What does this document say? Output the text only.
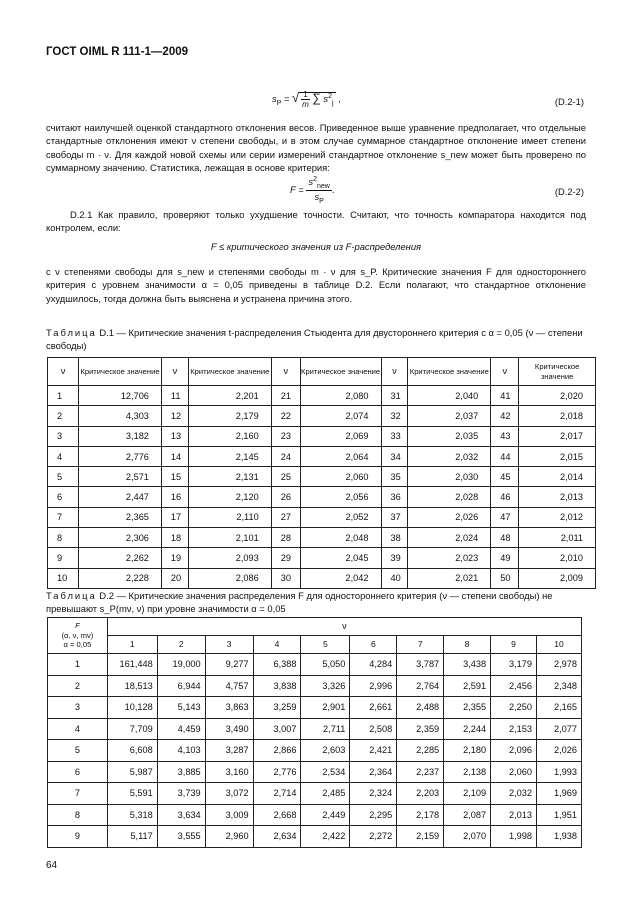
ГОСТ OIML R 111-1—2009
$s_P$ = √ $\frac{1}{m}$ ∑ $s^2_j$ ,	(D.2-1)
считают наилучшей оценкой стандартного отклонения весов. Приведенное выше уравнение предполагает, что отдельные стандартные отклонения имеют ν степени свободы, и в этом случае суммарное стандартное отклонение имеет степени свободы m · ν. Для каждой новой схемы или серии измерений стандартное отклонение s_new может быть проверено по суммарному значению. Статистика, лежащая в основе критерия:
$F = \frac{s^2_{new}}{s_P}$ .	(D.2-2)
D.2.1 Как правило, проверяют только ухудшение точности. Считают, что точность компаратора находится под контролем, если:
F ≤ критического значения из F-распределения
с ν степенями свободы для s_new и степенями свободы m · ν для s_P. Критические значения F для одностороннего критерия с уровнем значимости α = 0,05 приведены в таблице D.2. Если полагают, что стандартное отклонение ухудшилось, тогда должна быть выяснена и устранена причина этого.
Таблица D.1 — Критические значения t-распределения Стьюдента для двустороннего критерия с α = 0,05 (ν — степени свободы)
ν	Критическое значение	ν	Критическое значение	ν	Критическое значение	ν	Критическое значение	ν	Критическое значение
1	12,706	11	2,201	21	2,080	31	2,040	41	2,020
2	4,303	12	2,179	22	2,074	32	2,037	42	2,018
3	3,182	13	2,160	23	2,069	33	2,035	43	2,017
4	2,776	14	2,145	24	2,064	34	2,032	44	2,015
5	2,571	15	2,131	25	2,060	35	2,030	45	2,014
6	2,447	16	2,120	26	2,056	36	2,028	46	2,013
7	2,365	17	2,110	27	2,052	37	2,026	47	2,012
8	2,306	18	2,101	28	2,048	38	2,024	48	2,011
9	2,262	19	2,093	29	2,045	39	2,023	49	2,010
10	2,228	20	2,086	30	2,042	40	2,021	50	2,009
Таблица D.2 — Критические значения распределения F для одностороннего критерия (ν — степени свободы) не превышают s_P(mν, ν) при уровне значимости α = 0,05
F
(α, ν, mν)
α = 0,05	ν									
	1	2	3	4	5	6	7	8	9	10
1	161,448	19,000	9,277	6,388	5,050	4,284	3,787	3,438	3,179	2,978
2	18,513	6,944	4,757	3,838	3,326	2,996	2,764	2,591	2,456	2,348
3	10,128	5,143	3,863	3,259	2,901	2,661	2,488	2,355	2,250	2,165
4	7,709	4,459	3,490	3,007	2,711	2,508	2,359	2,244	2,153	2,077
5	6,608	4,103	3,287	2,866	2,603	2,421	2,285	2,180	2,096	2,026
6	5,987	3,885	3,160	2,776	2,534	2,364	2,237	2,138	2,060	1,993
7	5,591	3,739	3,072	2,714	2,485	2,324	2,203	2,109	2,032	1,969
8	5,318	3,634	3,009	2,668	2,449	2,295	2,178	2,087	2,013	1,951
9	5,117	3,555	2,960	2,634	2,422	2,272	2,159	2,070	1,998	1,938
64
